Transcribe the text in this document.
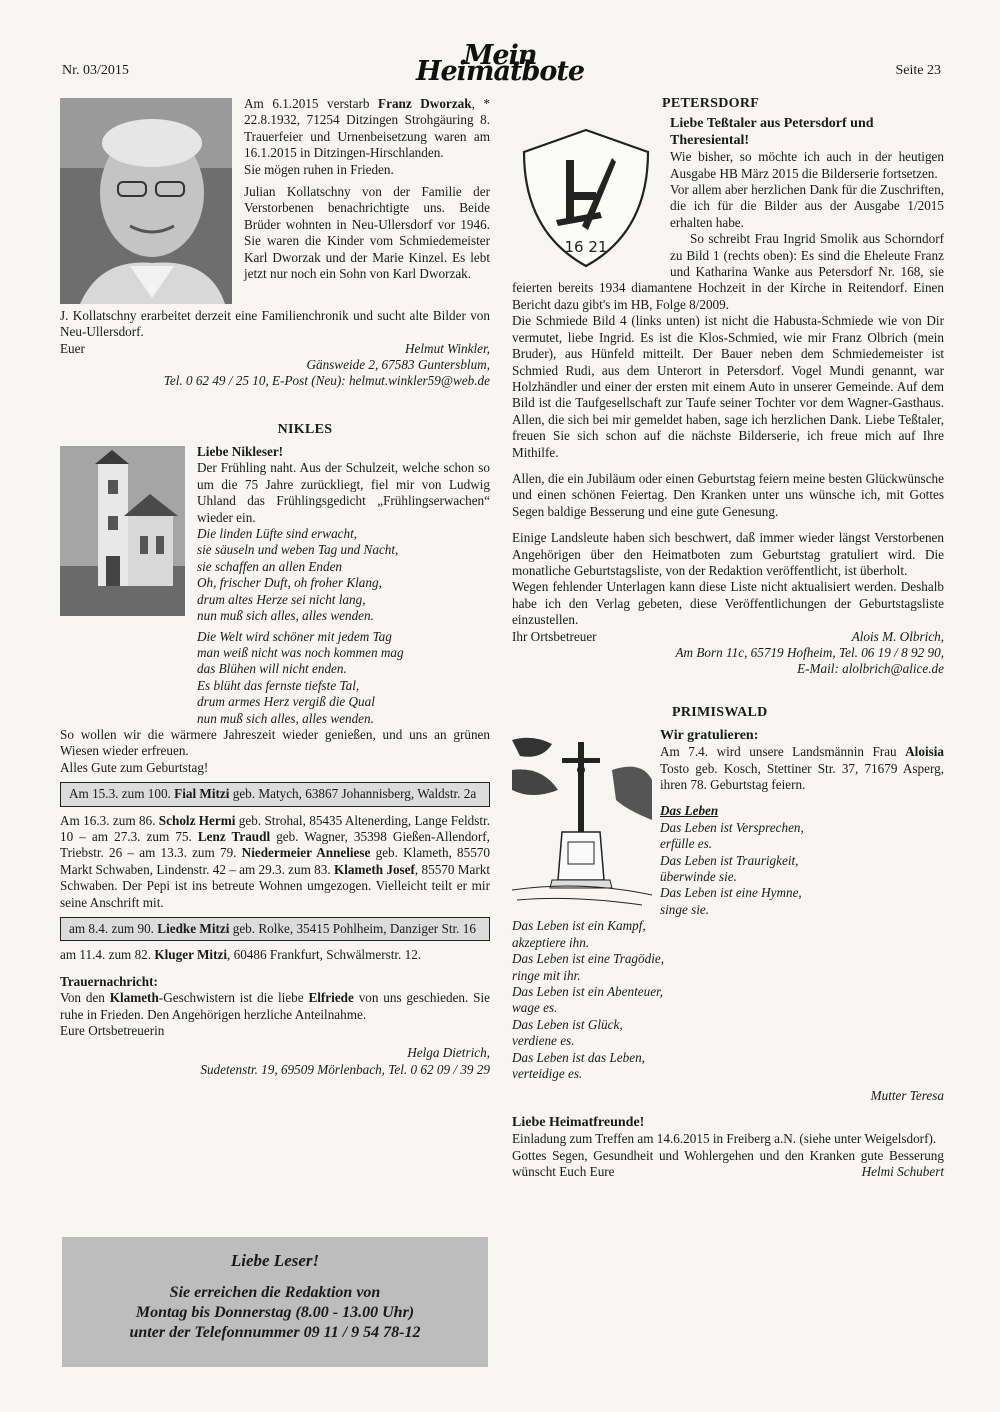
Nr. 03/2015	Mein Heimatbote	Seite 23

Am 6.1.2015 verstarb Franz Dworzak, * 22.8.1932, 71254 Ditzingen Strohgäuring 8. Trauerfeier und Urnenbeisetzung waren am 16.1.2015 in Ditzingen-Hirschlanden.

Sie mögen ruhen in Frieden.

Julian Kollatschny von der Familie der Verstorbenen benachrichtigte uns. Beide Brüder wohnten in Neu-Ullersdorf vor 1946. Sie waren die Kinder vom Schmiedemeister Karl Dworzak und der Marie Kinzel. Es lebt jetzt nur noch ein Sohn von Karl Dworzak.

J. Kollatschny erarbeitet derzeit eine Familienchronik und sucht alte Bilder von Neu-Ullersdorf.

Euer	Helmut Winkler,

Gänsweide 2, 67583 Guntersblum,

Tel. 0 62 49 / 25 10, E-Post (Neu): helmut.winkler59@web.de

NIKLES

Liebe Nikleser!

Der Frühling naht. Aus der Schulzeit, welche schon so um die 75 Jahre zurückliegt, fiel mir von Ludwig Uhland das Frühlingsgedicht „Frühlingserwachen“ wieder ein.

Die linden Lüfte sind erwacht,

sie säuseln und weben Tag und Nacht,

sie schaffen an allen Enden

Oh, frischer Duft, oh froher Klang,

drum altes Herze sei nicht lang,

nun muß sich alles, alles wenden.

Die Welt wird schöner mit jedem Tag

man weiß nicht was noch kommen mag

das Blühen will nicht enden.

Es blüht das fernste tiefste Tal,

drum armes Herz vergiß die Qual

nun muß sich alles, alles wenden.

So wollen wir die wärmere Jahreszeit wieder genießen, und uns an grünen Wiesen wieder erfreuen.

Alles Gute zum Geburtstag!

Am 15.3. zum 100. Fial Mitzi geb. Matych, 63867 Johannisberg, Waldstr. 2a

Am 16.3. zum 86. Scholz Hermi geb. Strohal, 85435 Altenerding, Lange Feldstr. 10 – am 27.3. zum 75. Lenz Traudl geb. Wagner, 35398 Gießen-Allendorf, Triebstr. 26 – am 13.3. zum 79. Niedermeier Anneliese geb. Klameth, 85570 Markt Schwaben, Lindenstr. 42 – am 29.3. zum 83. Klameth Josef, 85570 Markt Schwaben. Der Pepi ist ins betreute Wohnen umgezogen. Vielleicht teilt er mir seine Anschrift mit.

am 8.4. zum 90. Liedke Mitzi geb. Rolke, 35415 Pohlheim, Danziger Str. 16

am 11.4. zum 82. Kluger Mitzi, 60486 Frankfurt, Schwälmerstr. 12.

Trauernachricht:

Von den Klameth-Geschwistern ist die liebe Elfriede von uns geschieden. Sie ruhe in Frieden. Den Angehörigen herzliche Anteilnahme.

Eure Ortsbetreuerin

Helga Dietrich,

Sudetenstr. 19, 69509 Mörlenbach, Tel. 0 62 09 / 39 29

Liebe Leser!

Sie erreichen die Redaktion von

Montag bis Donnerstag (8.00 - 13.00 Uhr)

unter der Telefonnummer 09 11 / 9 54 78-12

PETERSDORF
16 21

Liebe Teßtaler aus Petersdorf und Theresiental!

Wie bisher, so möchte ich auch in der heutigen Ausgabe HB März 2015 die Bilderserie fortsetzen.

Vor allem aber herzlichen Dank für die Zuschriften, die ich für die Bilder aus der Ausgabe 1/2015 erhalten habe.

So schreibt Frau Ingrid Smolik aus Schorndorf zu Bild 1 (rechts oben): Es sind die Eheleute Franz und Katharina Wanke aus Petersdorf Nr. 168, sie feierten bereits 1934 diamantene Hochzeit in der Kirche in Reitendorf. Einen Bericht dazu gibt's im HB, Folge 8/2009.

Die Schmiede Bild 4 (links unten) ist nicht die Habusta-Schmiede wie von Dir vermutet, liebe Ingrid. Es ist die Klos-Schmied, wie mir Franz Olbrich (mein Bruder), aus Hünfeld mitteilt. Der Bauer neben dem Schmiedemeister ist Schmied Rudi, aus dem Unterort in Petersdorf. Vogel Mundi genannt, war Holzhändler und einer der ersten mit einem Auto in unserer Gemeinde. Auf dem Bild ist die Taufgesellschaft zur Taufe seiner Tochter vor dem Wagner-Gasthaus. Allen, die sich bei mir gemeldet haben, sage ich herzlichen Dank. Liebe Teßtaler, freuen Sie sich schon auf die nächste Bilderserie, ich freue mich auf Ihre Mithilfe.

Allen, die ein Jubiläum oder einen Geburtstag feiern meine besten Glückwünsche und einen schönen Feiertag. Den Kranken unter uns wünsche ich, mit Gottes Segen baldige Besserung und eine gute Genesung.

Einige Landsleute haben sich beschwert, daß immer wieder längst Verstorbenen Angehörigen über den Heimatboten zum Geburtstag gratuliert wird. Die monatliche Geburtstagsliste, von der Redaktion veröffentlicht, ist überholt.

Wegen fehlender Unterlagen kann diese Liste nicht aktualisiert werden. Deshalb habe ich den Verlag gebeten, diese Veröffentlichungen der Geburtstagsliste einzustellen.

Ihr Ortsbetreuer	Alois M. Olbrich,

Am Born 11c, 65719 Hofheim, Tel. 06 19 / 8 92 90,

E-Mail: alolbrich@alice.de

PRIMISWALD

Wir gratulieren:

Am 7.4. wird unsere Landsmännin Frau Aloisia Tosto geb. Kosch, Stettiner Str. 37, 71679 Asperg, ihren 78. Geburtstag feiern.

Das Leben

Das Leben ist Versprechen,

erfülle es.

Das Leben ist Traurigkeit,

überwinde sie.

Das Leben ist eine Hymne,

singe sie.

Das Leben ist ein Kampf,

akzeptiere ihn.

Das Leben ist eine Tragödie,

ringe mit ihr.

Das Leben ist ein Abenteuer,

wage es.

Das Leben ist Glück,

verdiene es.

Das Leben ist das Leben,

verteidige es.

Mutter Teresa

Liebe Heimatfreunde!

Einladung zum Treffen am 14.6.2015 in Freiberg a.N. (siehe unter Weigelsdorf).

Gottes Segen, Gesundheit und Wohlergehen und den Kranken gute Besserung wünscht Euch Eure	Helmi Schubert
